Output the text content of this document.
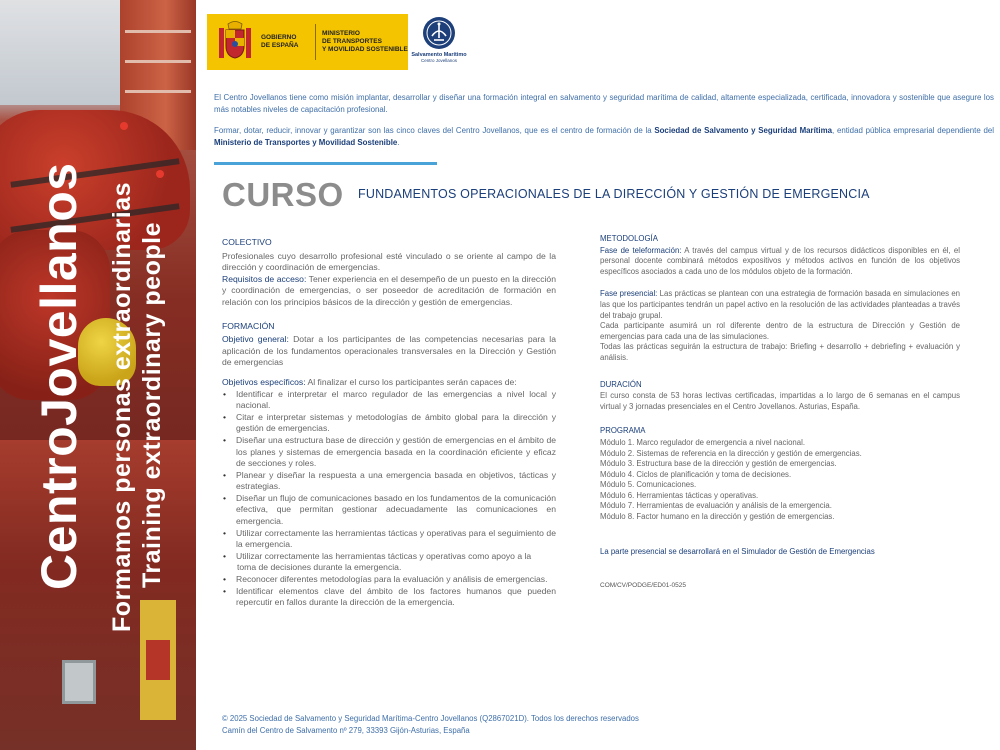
CentroJovellanos Formamos personas extraordinarias Training extraordinary people
GOBIERNO
DE ESPAÑA
MINISTERIO
DE TRANSPORTES
Y MOVILIDAD SOSTENIBLE
Salvamento Marítimo
Centro Jovellanos

El Centro Jovellanos tiene como misión implantar, desarrollar y diseñar una formación integral en salvamento y seguridad marítima de calidad, altamente especializada, certificada, innovadora y sostenible que asegure los más notables niveles de capacitación profesional.

Formar, dotar, reducir, innovar y garantizar son las cinco claves del Centro Jovellanos, que es el centro de formación de la Sociedad de Salvamento y Seguridad Marítima, entidad pública empresarial dependiente del Ministerio de Transportes y Movilidad Sostenible.

CURSO FUNDAMENTOS OPERACIONALES DE LA DIRECCIÓN Y GESTIÓN DE EMERGENCIA
COLECTIVO

Profesionales cuyo desarrollo profesional esté vinculado o se oriente al campo de la dirección y coordinación de emergencias.

Requisitos de acceso: Tener experiencia en el desempeño de un puesto en la dirección y coordinación de emergencias, o ser poseedor de acreditación de formación en relación con los principios básicos de la dirección y gestión de emergencias.

FORMACIÓN

Objetivo general: Dotar a los participantes de las competencias necesarias para la aplicación de los fundamentos operacionales transversales en la Dirección y Gestión de emergencias

Objetivos específicos: Al finalizar el curso los participantes serán capaces de:

• Identificar e interpretar el marco regulador de las emergencias a nivel local y nacional.
• Citar e interpretar sistemas y metodologías de ámbito global para la dirección y gestión de emergencias.
• Diseñar una estructura base de dirección y gestión de emergencias en el ámbito de los planes y sistemas de emergencia basada en la coordinación eficiente y eficaz de secciones y roles.
• Planear y diseñar la respuesta a una emergencia basada en objetivos, tácticas y estrategias.
• Diseñar un flujo de comunicaciones basado en los fundamentos de la comunicación efectiva, que permitan gestionar adecuadamente las comunicaciones en emergencia.
• Utilizar correctamente las herramientas tácticas y operativas para el seguimiento de la emergencia.
• Utilizar correctamente las herramientas tácticas y operativas como apoyo a la

toma de decisiones durante la emergencia.

• Reconocer diferentes metodologías para la evaluación y análisis de emergencias.
• Identificar elementos clave del ámbito de los factores humanos que pueden repercutir en fallos durante la dirección de la emergencia.
METODOLOGÍA

Fase de teleformación: A través del campus virtual y de los recursos didácticos disponibles en él, el personal docente combinará métodos expositivos y métodos activos en función de los objetivos específicos asociados a cada uno de los módulos objeto de la formación.

Fase presencial: Las prácticas se plantean con una estrategia de formación basada en simulaciones en las que los participantes tendrán un papel activo en la resolución de las actividades planteadas a través del trabajo grupal.

Cada participante asumirá un rol diferente dentro de la estructura de Dirección y Gestión de emergencias para cada una de las simulaciones.

Todas las prácticas seguirán la estructura de trabajo: Briefing + desarrollo + debriefing + evaluación y análisis.

DURACIÓN

El curso consta de 53 horas lectivas certificadas, impartidas a lo largo de 6 semanas en el campus virtual y 3 jornadas presenciales en el Centro Jovellanos. Asturias, España.

PROGRAMA
Módulo 1. Marco regulador de emergencia a nivel nacional.
Módulo 2. Sistemas de referencia en la dirección y gestión de emergencias.
Módulo 3. Estructura base de la dirección y gestión de emergencias.
Módulo 4. Ciclos de planificación y toma de decisiones.
Módulo 5. Comunicaciones.
Módulo 6. Herramientas tácticas y operativas.
Módulo 7. Herramientas de evaluación y análisis de la emergencia.
Módulo 8. Factor humano en la dirección y gestión de emergencias.

La parte presencial se desarrollará en el Simulador de Gestión de Emergencias

COM/CV/PODGE/ED01-0525

© 2025 Sociedad de Salvamento y Seguridad Marítima-Centro Jovellanos (Q2867021D). Todos los derechos reservados
Camín del Centro de Salvamento nº 279, 33393 Gijón-Asturias, España
